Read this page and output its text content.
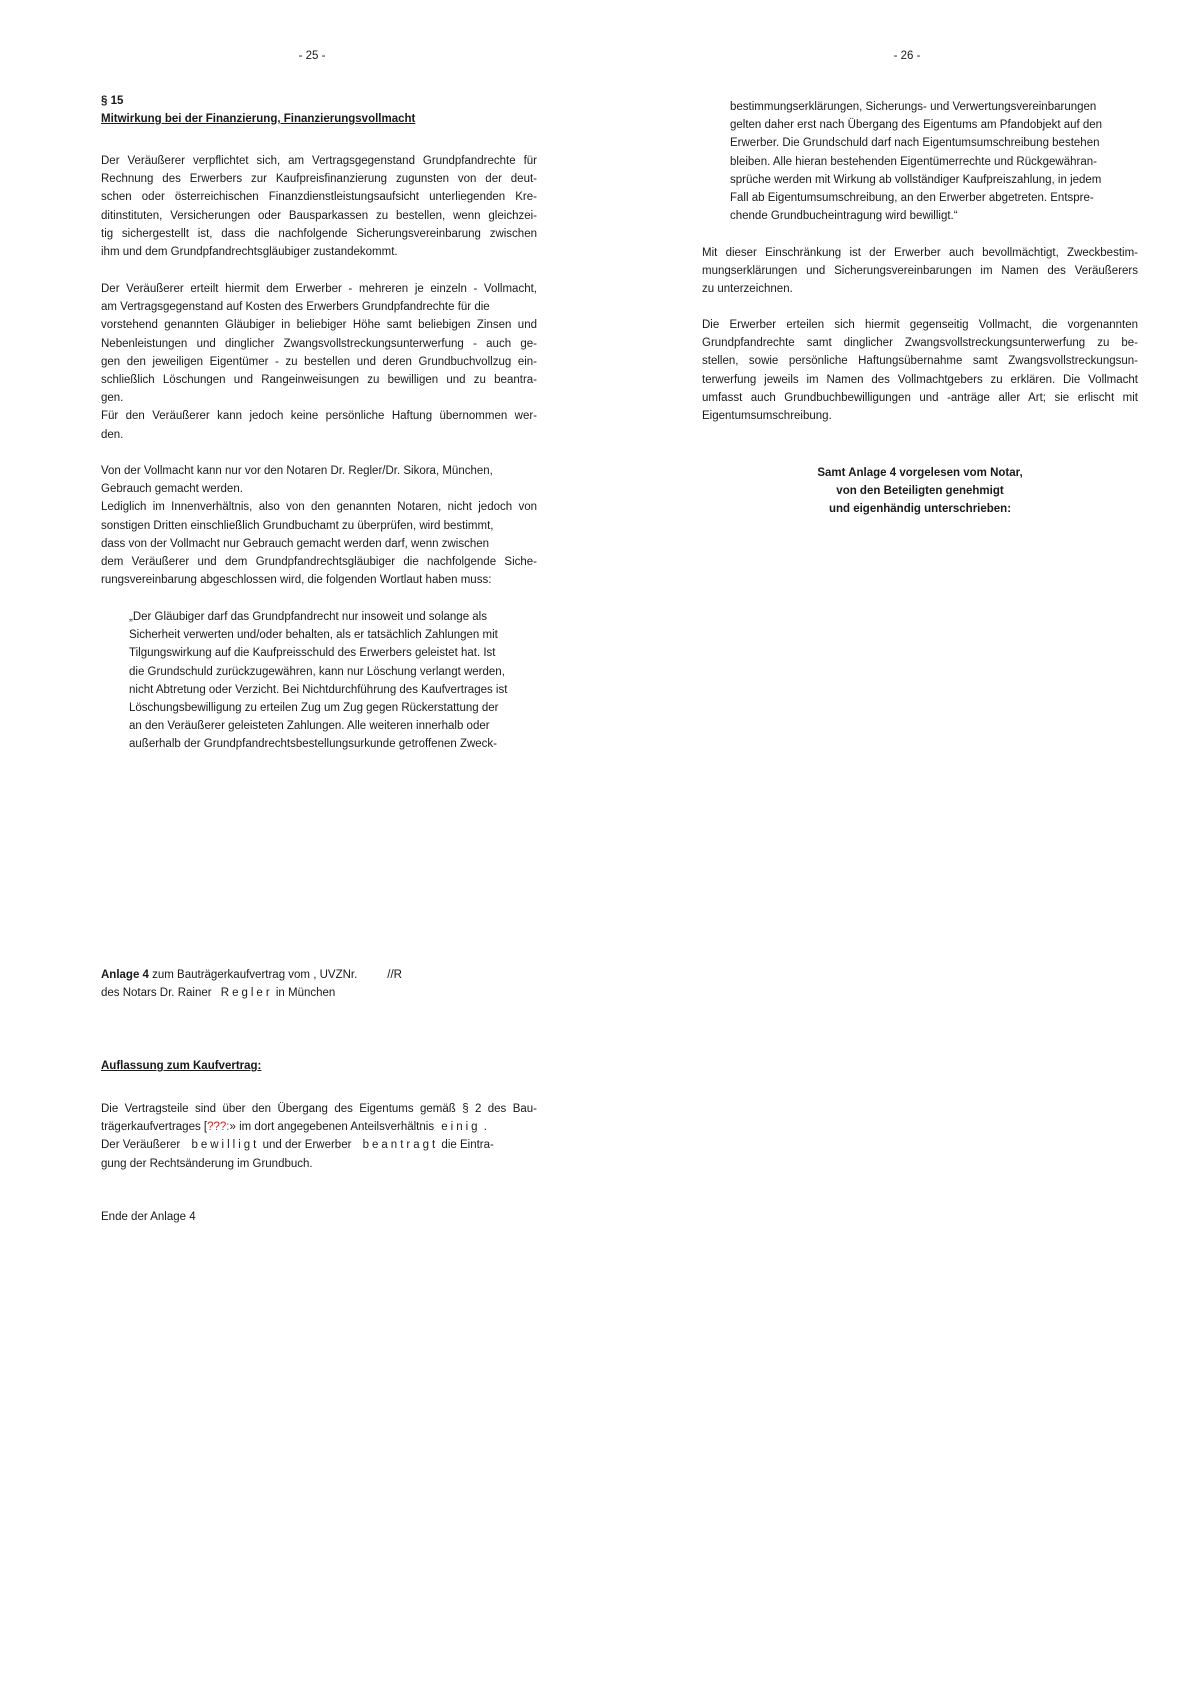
- 25 -
§ 15
Mitwirkung bei der Finanzierung, Finanzierungsvollmacht
Der Veräußerer verpflichtet sich, am Vertragsgegenstand Grundpfandrechte für
Rechnung des Erwerbers zur Kaufpreisfinanzierung zugunsten von der deut-
schen oder österreichischen Finanzdienstleistungsaufsicht unterliegenden Kre-
ditinstituten, Versicherungen oder Bausparkassen zu bestellen, wenn gleichzei-
tig sichergestellt ist, dass die nachfolgende Sicherungsvereinbarung zwischen
ihm und dem Grundpfandrechtsgläubiger zustandekommt.
Der Veräußerer erteilt hiermit dem Erwerber - mehreren je einzeln - Vollmacht,
am Vertragsgegenstand auf Kosten des Erwerbers Grundpfandrechte für die
vorstehend genannten Gläubiger in beliebiger Höhe samt beliebigen Zinsen und
Nebenleistungen und dinglicher Zwangsvollstreckungsunterwerfung - auch ge-
gen den jeweiligen Eigentümer - zu bestellen und deren Grundbuchvollzug ein-
schließlich Löschungen und Rangeinweisungen zu bewilligen und zu beantra-
gen.
Für den Veräußerer kann jedoch keine persönliche Haftung übernommen wer-
den.
Von der Vollmacht kann nur vor den Notaren Dr. Regler/Dr. Sikora, München,
Gebrauch gemacht werden.
Lediglich im Innenverhältnis, also von den genannten Notaren, nicht jedoch von
sonstigen Dritten einschließlich Grundbuchamt zu überprüfen, wird bestimmt,
dass von der Vollmacht nur Gebrauch gemacht werden darf, wenn zwischen
dem Veräußerer und dem Grundpfandrechtsgläubiger die nachfolgende Siche-
rungsvereinbarung abgeschlossen wird, die folgenden Wortlaut haben muss:
„Der Gläubiger darf das Grundpfandrecht nur insoweit und solange als
Sicherheit verwerten und/oder behalten, als er tatsächlich Zahlungen mit
Tilgungswirkung auf die Kaufpreisschuld des Erwerbers geleistet hat. Ist
die Grundschuld zurückzugewähren, kann nur Löschung verlangt werden,
nicht Abtretung oder Verzicht. Bei Nichtdurchführung des Kaufvertrages ist
Löschungsbewilligung zu erteilen Zug um Zug gegen Rückerstattung der
an den Veräußerer geleisteten Zahlungen. Alle weiteren innerhalb oder
außerhalb der Grundpfandrechtsbestellungsurkunde getroffenen Zweck-
Anlage 4 zum Bauträgerkaufvertrag vom , UVZNr.	//R
des Notars Dr. Rainer Regler in München
Auflassung zum Kaufvertrag:
Die Vertragsteile sind über den Übergang des Eigentums gemäß § 2 des Bau-
trägerkaufvertrages [???:» im dort angegebenen Anteilsverhältnis einig .
Der Veräußerer bewilligt und der Erwerber beantragt die Eintra-
gung der Rechtsänderung im Grundbuch.
Ende der Anlage 4
- 26 -
bestimmungserklärungen, Sicherungs- und Verwertungsvereinbarungen
gelten daher erst nach Übergang des Eigentums am Pfandobjekt auf den
Erwerber. Die Grundschuld darf nach Eigentumsumschreibung bestehen
bleiben. Alle hieran bestehenden Eigentümerrechte und Rückgewähran-
sprüche werden mit Wirkung ab vollständiger Kaufpreiszahlung, in jedem
Fall ab Eigentumsumschreibung, an den Erwerber abgetreten. Entspre-
chende Grundbucheintragung wird bewilligt.“
Mit dieser Einschränkung ist der Erwerber auch bevollmächtigt, Zweckbestim-
mungserklärungen und Sicherungsvereinbarungen im Namen des Veräußerers
zu unterzeichnen.
Die Erwerber erteilen sich hiermit gegenseitig Vollmacht, die vorgenannten
Grundpfandrechte samt dinglicher Zwangsvollstreckungsunterwerfung zu be-
stellen, sowie persönliche Haftungsübernahme samt Zwangsvollstreckungsun-
terwerfung jeweils im Namen des Vollmachtgebers zu erklären. Die Vollmacht
umfasst auch Grundbuchbewilligungen und -anträge aller Art; sie erlischt mit
Eigentumsumschreibung.
Samt Anlage 4 vorgelesen vom Notar,
von den Beteiligten genehmigt
und eigenhändig unterschrieben:
